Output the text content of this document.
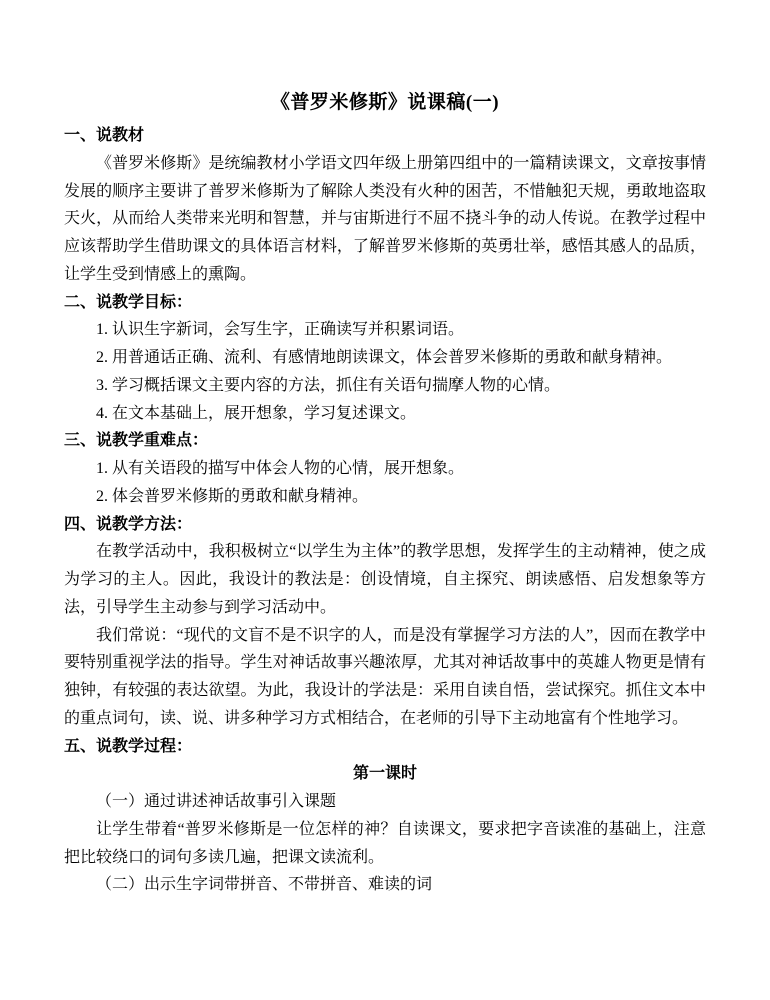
《普罗米修斯》说课稿(一)

一、说教材

《普罗米修斯》是统编教材小学语文四年级上册第四组中的一篇精读课文，文章按事情发展的顺序主要讲了普罗米修斯为了解除人类没有火种的困苦，不惜触犯天规，勇敢地盗取天火，从而给人类带来光明和智慧，并与宙斯进行不屈不挠斗争的动人传说。在教学过程中应该帮助学生借助课文的具体语言材料，了解普罗米修斯的英勇壮举，感悟其感人的品质，让学生受到情感上的熏陶。

二、说教学目标：

1. 认识生字新词，会写生字，正确读写并积累词语。

2. 用普通话正确、流利、有感情地朗读课文，体会普罗米修斯的勇敢和献身精神。

3. 学习概括课文主要内容的方法，抓住有关语句揣摩人物的心情。

4. 在文本基础上，展开想象，学习复述课文。

三、说教学重难点：

1. 从有关语段的描写中体会人物的心情，展开想象。

2. 体会普罗米修斯的勇敢和献身精神。

四、说教学方法：

在教学活动中，我积极树立“以学生为主体”的教学思想，发挥学生的主动精神，使之成为学习的主人。因此，我设计的教法是：创设情境，自主探究、朗读感悟、启发想象等方法，引导学生主动参与到学习活动中。

我们常说：“现代的文盲不是不识字的人，而是没有掌握学习方法的人”，因而在教学中要特别重视学法的指导。学生对神话故事兴趣浓厚，尤其对神话故事中的英雄人物更是情有独钟，有较强的表达欲望。为此，我设计的学法是：采用自读自悟，尝试探究。抓住文本中的重点词句，读、说、讲多种学习方式相结合，在老师的引导下主动地富有个性地学习。

五、说教学过程：

第一课时

（一）通过讲述神话故事引入课题

让学生带着“普罗米修斯是一位怎样的神？自读课文，要求把字音读准的基础上，注意把比较绕口的词句多读几遍，把课文读流利。

（二）出示生字词带拼音、不带拼音、难读的词
